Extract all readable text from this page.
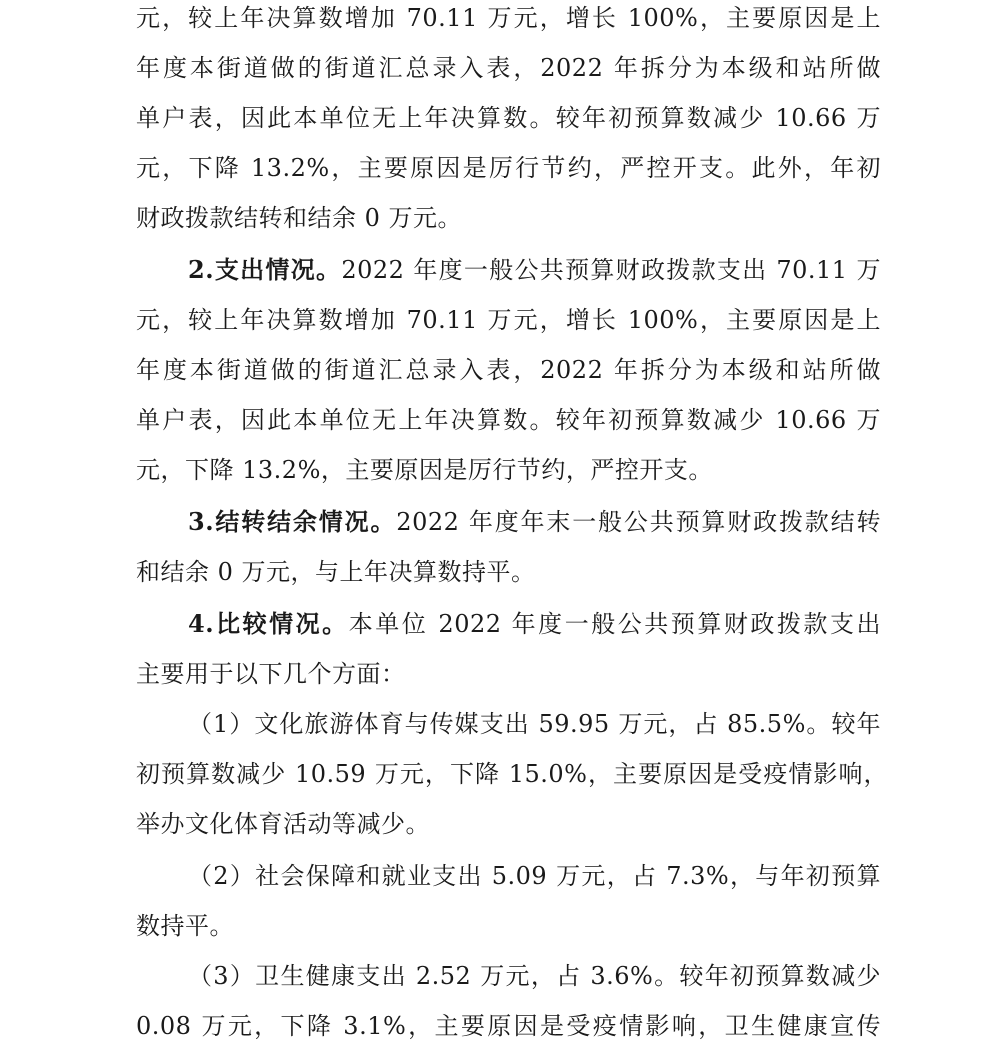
元，较上年决算数增加 70.11 万元，增长 100%，主要原因是上
年度本街道做的街道汇总录入表，2022 年拆分为本级和站所做
单户表，因此本单位无上年决算数。较年初预算数减少 10.66 万
元，下降 13.2%，主要原因是厉行节约，严控开支。此外，年初
财政拨款结转和结余 0 万元。
2.支出情况。2022 年度一般公共预算财政拨款支出 70.11 万
元，较上年决算数增加 70.11 万元，增长 100%，主要原因是上
年度本街道做的街道汇总录入表，2022 年拆分为本级和站所做
单户表，因此本单位无上年决算数。较年初预算数减少 10.66 万
元，下降 13.2%，主要原因是厉行节约，严控开支。
3.结转结余情况。2022 年度年末一般公共预算财政拨款结转
和结余 0 万元，与上年决算数持平。
4.比较情况。本单位 2022 年度一般公共预算财政拨款支出
主要用于以下几个方面：
（1）文化旅游体育与传媒支出 59.95 万元，占 85.5%。较年
初预算数减少 10.59 万元，下降 15.0%，主要原因是受疫情影响，
举办文化体育活动等减少。
（2）社会保障和就业支出 5.09 万元，占 7.3%，与年初预算
数持平。
（3）卫生健康支出 2.52 万元，占 3.6%。较年初预算数减少
0.08 万元，下降 3.1%，主要原因是受疫情影响，卫生健康宣传
